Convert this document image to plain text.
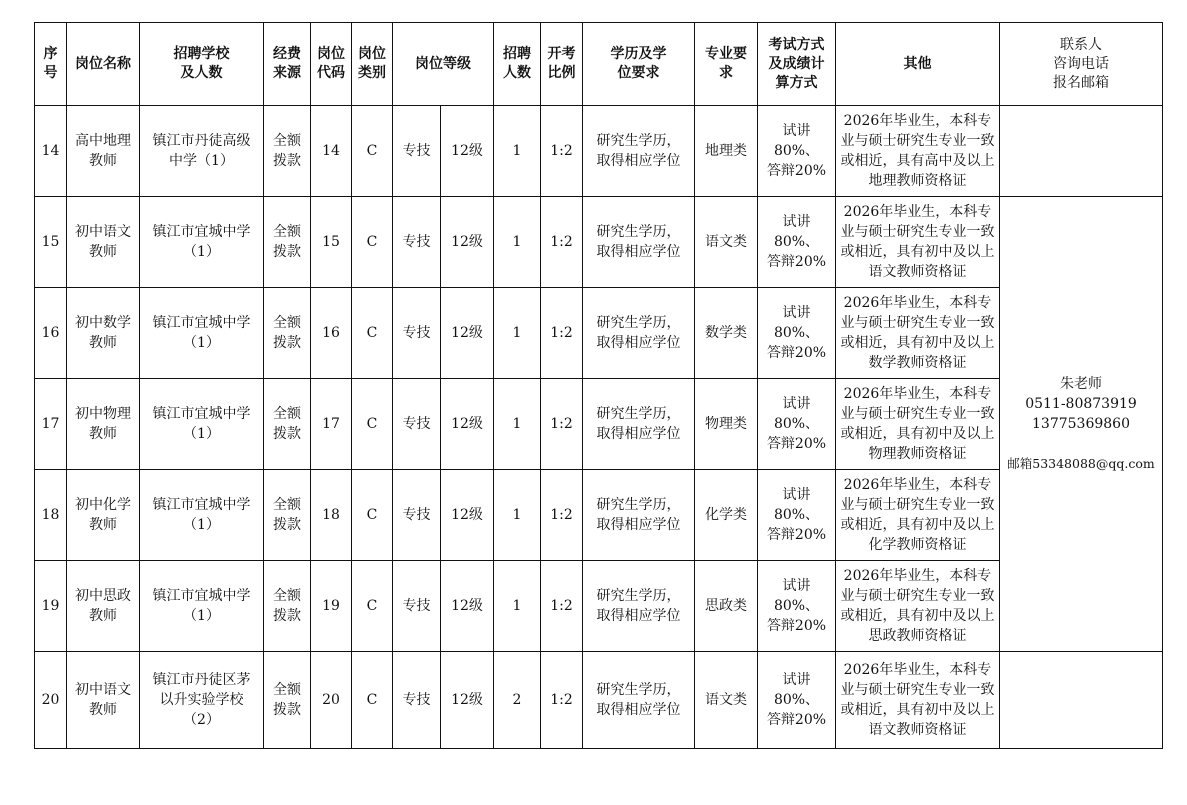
序
号	岗位名称	招聘学校
及人数	经费
来源	岗位
代码	岗位
类别	岗位等级		招聘
人数	开考
比例	学历及学
位要求	专业要
求	考试方式
及成绩计
算方式	其他	联系人
咨询电话
报名邮箱

14	高中地理
教师	镇江市丹徒高级
中学（1）	全额
拨款	14	C	专技	12级	1	1:2	研究生学历，
取得相应学位	地理类	试讲80%、
答辩20%	2026年毕业生，本科专业与硕士研究生专业一致或相近，具有高中及以上地理教师资格证	
15	初中语文
教师	镇江市宜城中学
（1）	全额
拨款	15	C	专技	12级	1	1:2	研究生学历，
取得相应学位	语文类	试讲80%、
答辩20%	2026年毕业生，本科专业与硕士研究生专业一致或相近，具有初中及以上语文教师资格证	朱老师
0511-80873919
13775369860
邮箱53348088@qq.com

16	初中数学
教师	镇江市宜城中学
（1）	全额
拨款	16	C	专技	12级	1	1:2	研究生学历，
取得相应学位	数学类	试讲80%、
答辩20%	2026年毕业生，本科专业与硕士研究生专业一致或相近，具有初中及以上数学教师资格证	
17	初中物理
教师	镇江市宜城中学
（1）	全额
拨款	17	C	专技	12级	1	1:2	研究生学历，
取得相应学位	物理类	试讲80%、
答辩20%	2026年毕业生，本科专业与硕士研究生专业一致或相近，具有初中及以上物理教师资格证	
18	初中化学
教师	镇江市宜城中学
（1）	全额
拨款	18	C	专技	12级	1	1:2	研究生学历，
取得相应学位	化学类	试讲80%、
答辩20%	2026年毕业生，本科专业与硕士研究生专业一致或相近，具有初中及以上化学教师资格证	
19	初中思政
教师	镇江市宜城中学
（1）	全额
拨款	19	C	专技	12级	1	1:2	研究生学历，
取得相应学位	思政类	试讲80%、
答辩20%	2026年毕业生，本科专业与硕士研究生专业一致或相近，具有初中及以上思政教师资格证	
20	初中语文
教师	镇江市丹徒区茅
以升实验学校
（2）	全额
拨款	20	C	专技	12级	2	1:2	研究生学历，
取得相应学位	语文类	试讲80%、
答辩20%	2026年毕业生，本科专业与硕士研究生专业一致或相近，具有初中及以上语文教师资格证	
